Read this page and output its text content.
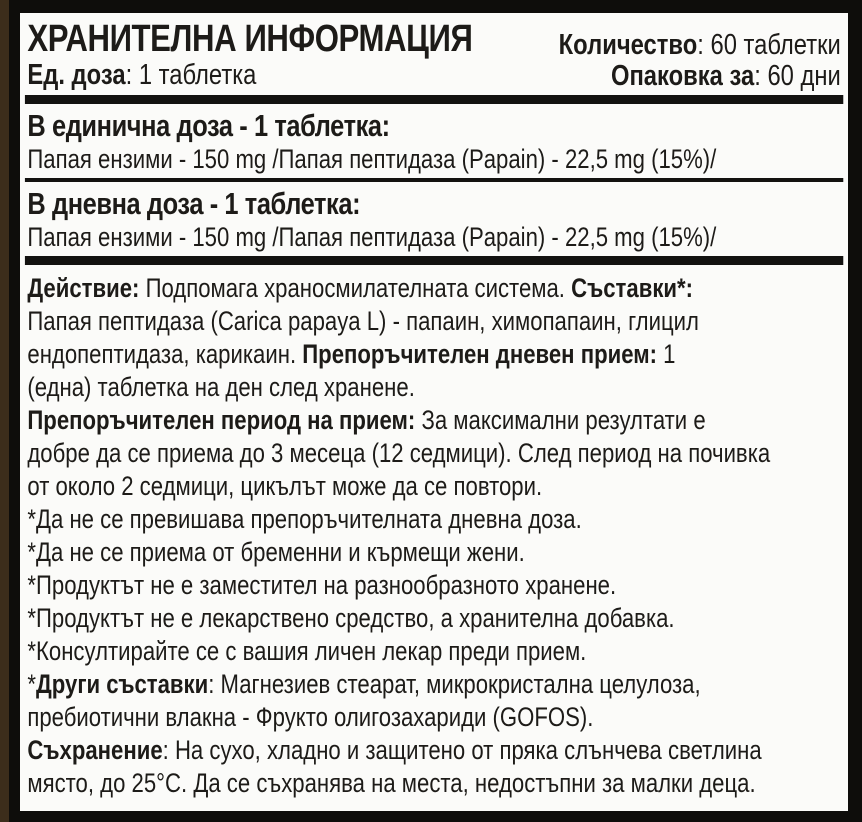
ХРАНИТЕЛНА ИНФОРМАЦИЯ
Ед. доза: 1 таблетка
Количество: 60 таблетки
Опаковка за: 60 дни
В единична доза - 1 таблетка:
Папая ензими - 150 mg /Папая пептидаза (Papain) - 22,5 mg (15%)/
В дневна доза - 1 таблетка:
Папая ензими - 150 mg /Папая пептидаза (Papain) - 22,5 mg (15%)/
Действие: Подпомага храносмилателната система. Съставки*:
Папая пептидаза (Carica papaya L) - папаин, химопапаин, глицил
ендопептидаза, карикаин. Препоръчителен дневен прием: 1
(една) таблетка на ден след хранене.
Препоръчителен период на прием: За максимални резултати е
добре да се приема до 3 месеца (12 седмици). След период на почивка
от около 2 седмици, цикълът може да се повтори.
*Да не се превишава препоръчителната дневна доза.
*Да не се приема от бременни и кърмещи жени.
*Продуктът не е заместител на разнообразното хранене.
*Продуктът не е лекарствено средство, а хранителна добавка.
*Консултирайте се с вашия личен лекар преди прием.
*Други съставки: Магнезиев стеарат, микрокристална целулоза,
пребиотични влакна - Фрукто олигозахариди (GOFOS).
Съхранение: На сухо, хладно и защитено от пряка слънчева светлина
място, до 25°C. Да се съхранява на места, недостъпни за малки деца.
